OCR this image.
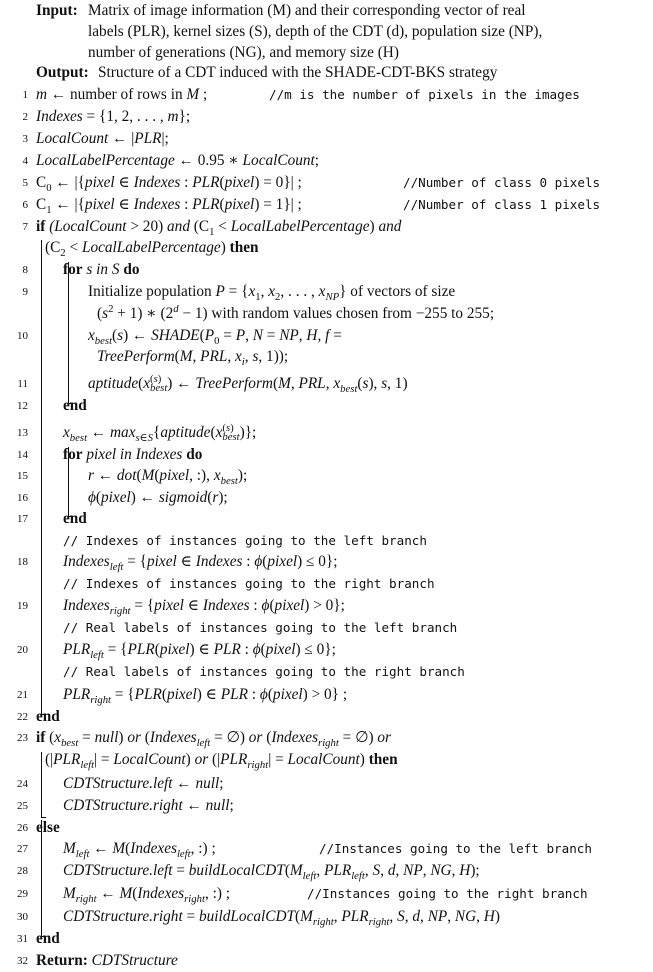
Input: Matrix of image information (M) and their corresponding vector of real
labels (PLR), kernel sizes (S), depth of the CDT (d), population size (NP),
number of generations (NG), and memory size (H)
Output: Structure of a CDT induced with the SHADE-CDT-BKS strategy
1 m ← number of rows in M ;	//m is the number of pixels in the images
2 Indexes = {1, 2, . . . , m};
3 LocalCount ← |PLR|;
4 LocalLabelPercentage ← 0.95 ∗ LocalCount;
5 $C_0$ ← |{pixel ∈ Indexes : PLR(pixel) = 0}| ;	//Number of class 0 pixels
6 $C_1$ ← |{pixel ∈ Indexes : PLR(pixel) = 1}| ;	//Number of class 1 pixels
7 if (LocalCount > 20) and ($C_1$ < LocalLabelPercentage) and
($C_2$ < LocalLabelPercentage) then
8 for s in S do
9	Initialize population $P = \{x_1$, $x_2$, . . . , $x_{NP}$} of vectors of size
$(s^2 + 1)$ ∗ $(2^d - 1)$ with random values chosen from −255 to 255;
10	$x_{best}(s)$ ← $SHADE(P_0 = P$, N = NP, H, f =
TreePerform(M, PRL, $x_i$, s, 1));
11	aptitude(x(s)
best) ← TreePerform(M, PRL, $x_{best}(s)$, s, 1)
12 end
13 $x_{best}$ ← $\max_{s\in S}\{aptitude(x(s)$
best)};
14 for pixel in Indexes do
15	r ← dot(M(pixel, :), $x_{best}$);
16	ϕ(pixel) ← sigmoid(r);
17 end
// Indexes of instances going to the left branch
18 Indexes$_{left}$ = {pixel ∈ Indexes : ϕ(pixel) ≤ 0};
// Indexes of instances going to the right branch
19 Indexes$_{right}$ = {pixel ∈ Indexes : ϕ(pixel) > 0};
// Real labels of instances going to the left branch
20 $PLR_{left}$ = {PLR(pixel) ∈ PLR : ϕ(pixel) ≤ 0};
// Real labels of instances going to the right branch
21 $PLR_{right}$ = {PLR(pixel) ∈ PLR : ϕ(pixel) > 0} ;
22 end
23 if ($x_{best}$ = null) or (Indexes$_{left}$ = ∅) or (Indexes$_{right}$ = ∅) or
($|PLR_{left}|$ = LocalCount) or ($|PLR_{right}|$ = LocalCount) then
24 CDTStructure.left ← null;
25 CDTStructure.right ← null;
26 else
27 $M_{left}$ ← M(Indexes$_{left}$, :) ;	//Instances going to the left branch
28 CDTStructure.left = $buildLocalCDT(M_{left}$, $PLR_{left}$, S, d, NP, NG, H);
29 $M_{right}$ ← M(Indexes$_{right}$, :) ;	//Instances going to the right branch
30 CDTStructure.right = $buildLocalCDT(M_{right}$, $PLR_{right}$, S, d, NP, NG, H)
31 end
32 Return: CDTStructure
